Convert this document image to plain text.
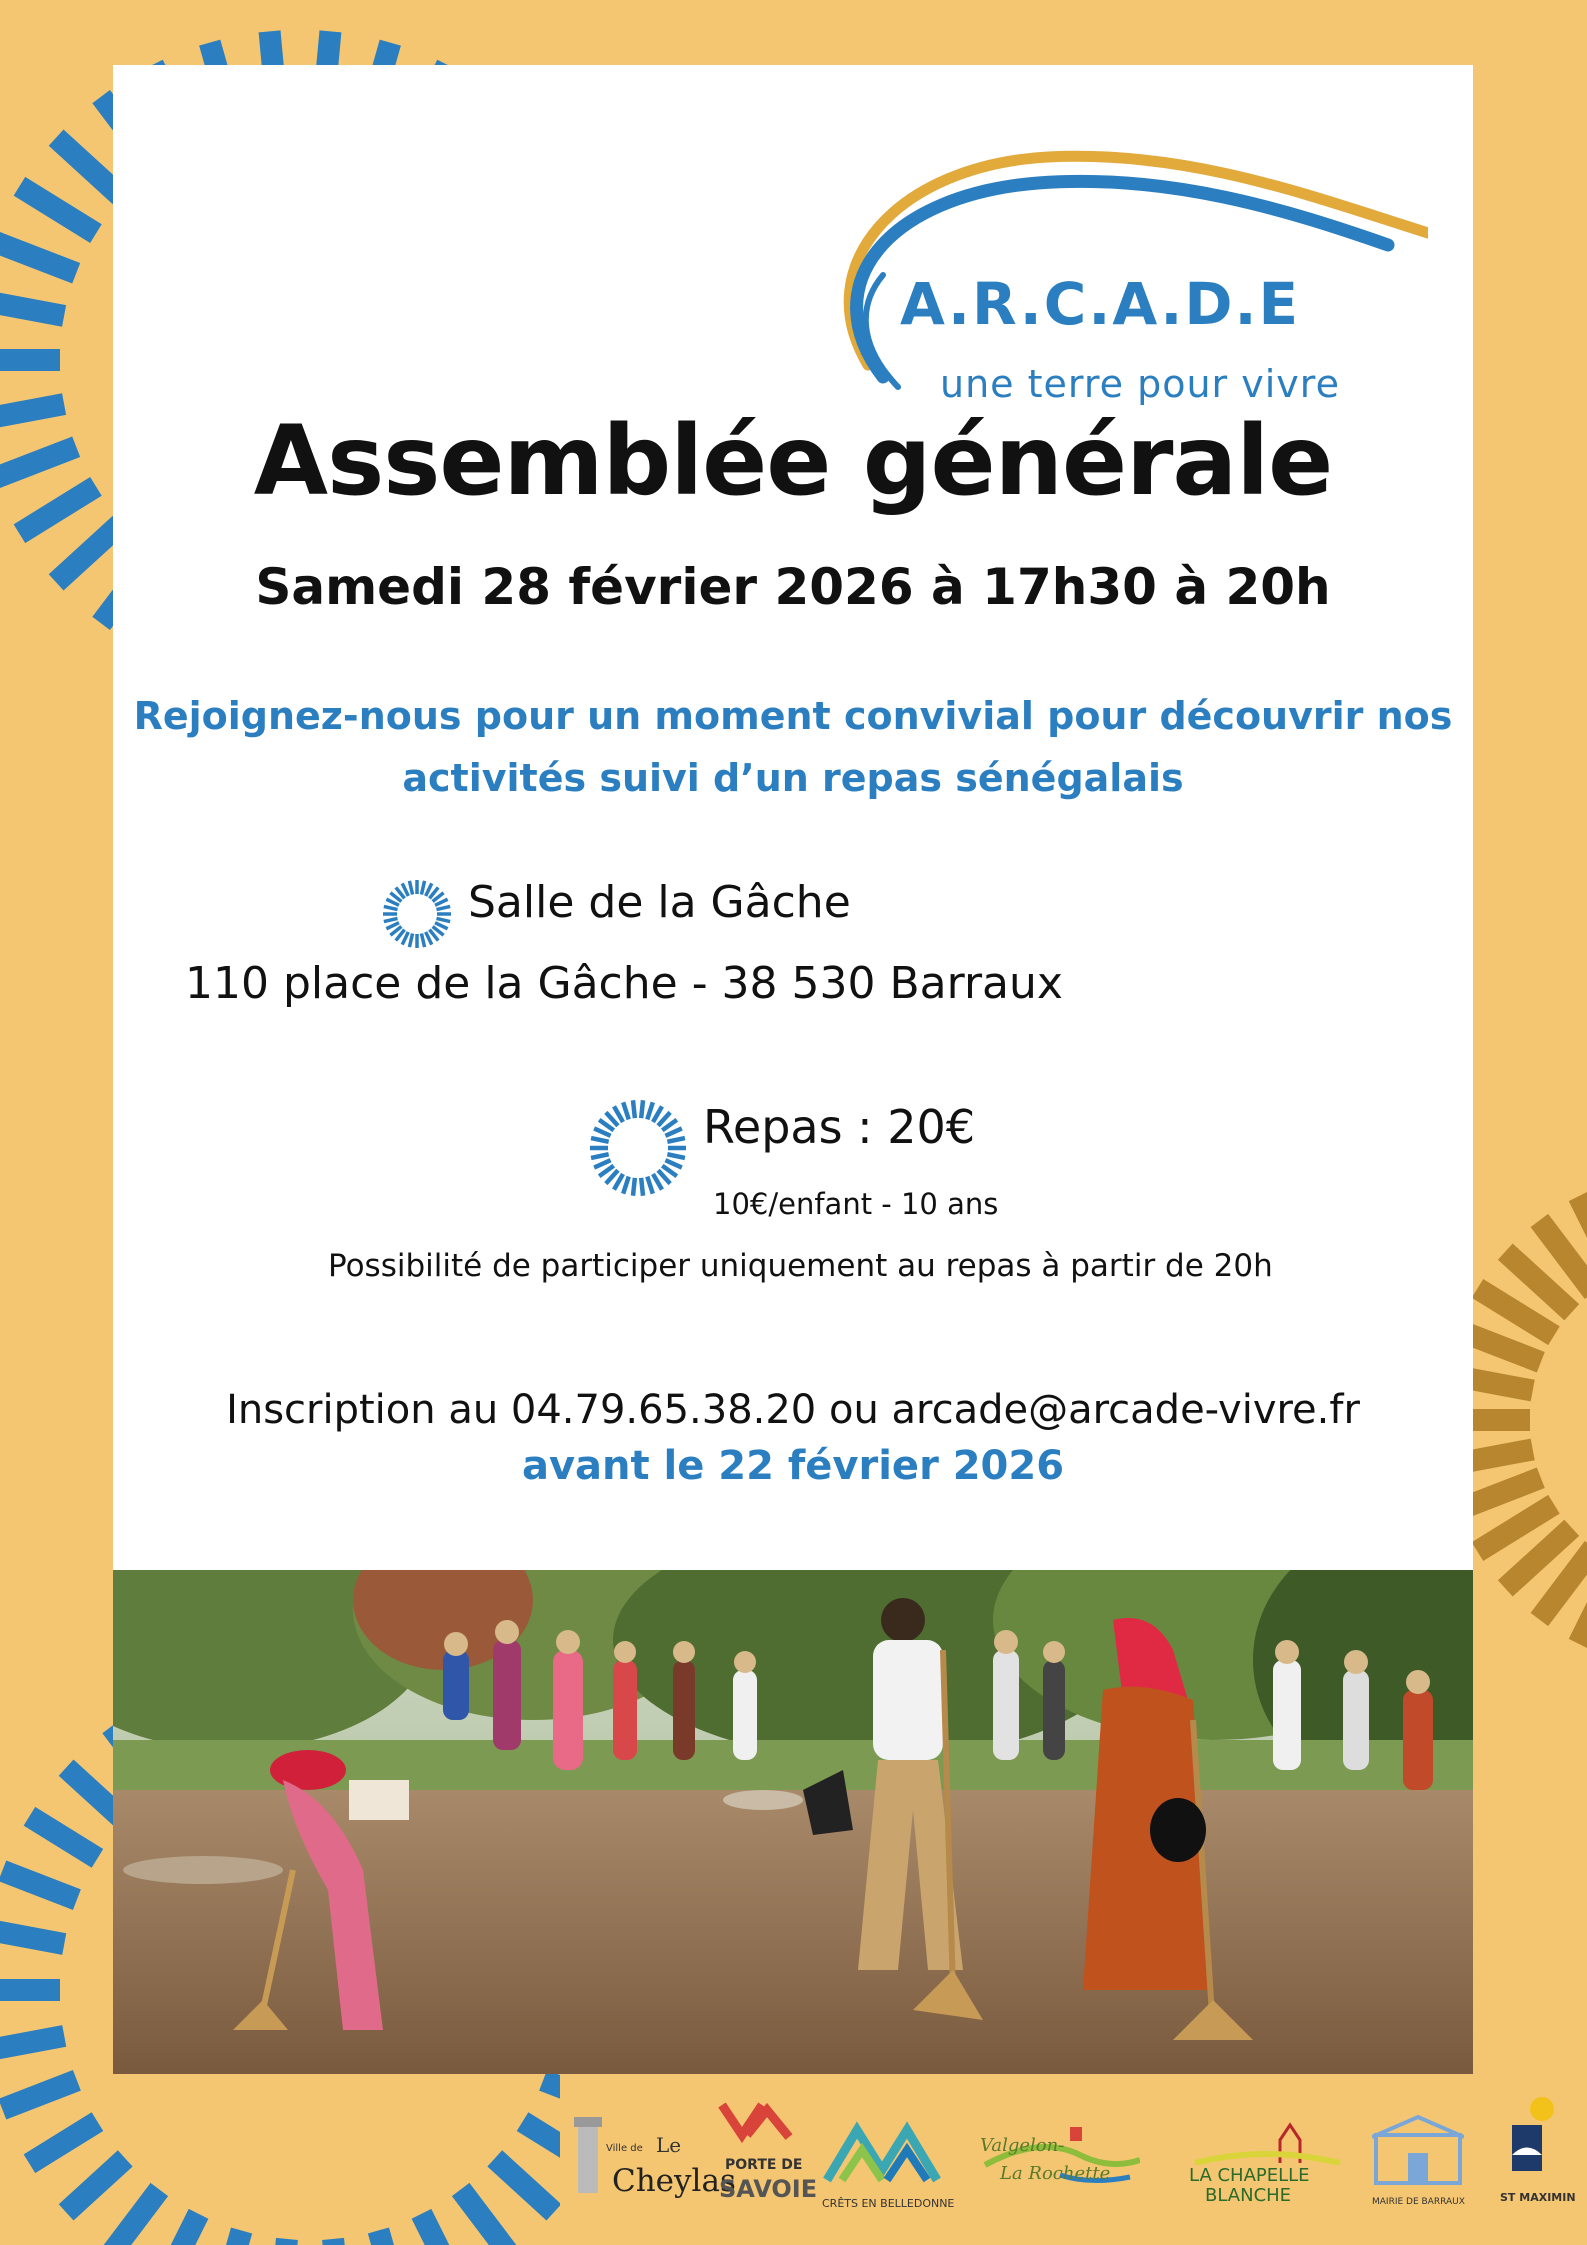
A.R.C.A.D.E
une terre pour vivre
Assemblée générale
Samedi 28 février 2026 à 17h30 à 20h
Rejoignez-nous pour un moment convivial pour découvrir nos
activités suivi d’un repas sénégalais
Salle de la Gâche
110 place de la Gâche - 38 530 Barraux
Repas : 20€
10€/enfant - 10 ans
Possibilité de participer uniquement au repas à partir de 20h
Inscription au 04.79.65.38.20 ou arcade@arcade-vivre.fr
avant le 22 février 2026
Ville de Le
Cheylas
PORTE DE
SAVOIE
CRÊTS EN BELLEDONNE
Valgelon-
La Rochette	LA CHAPELLE
BLANCHE	MAIRIE DE BARRAUX	ST MAXIMIN
